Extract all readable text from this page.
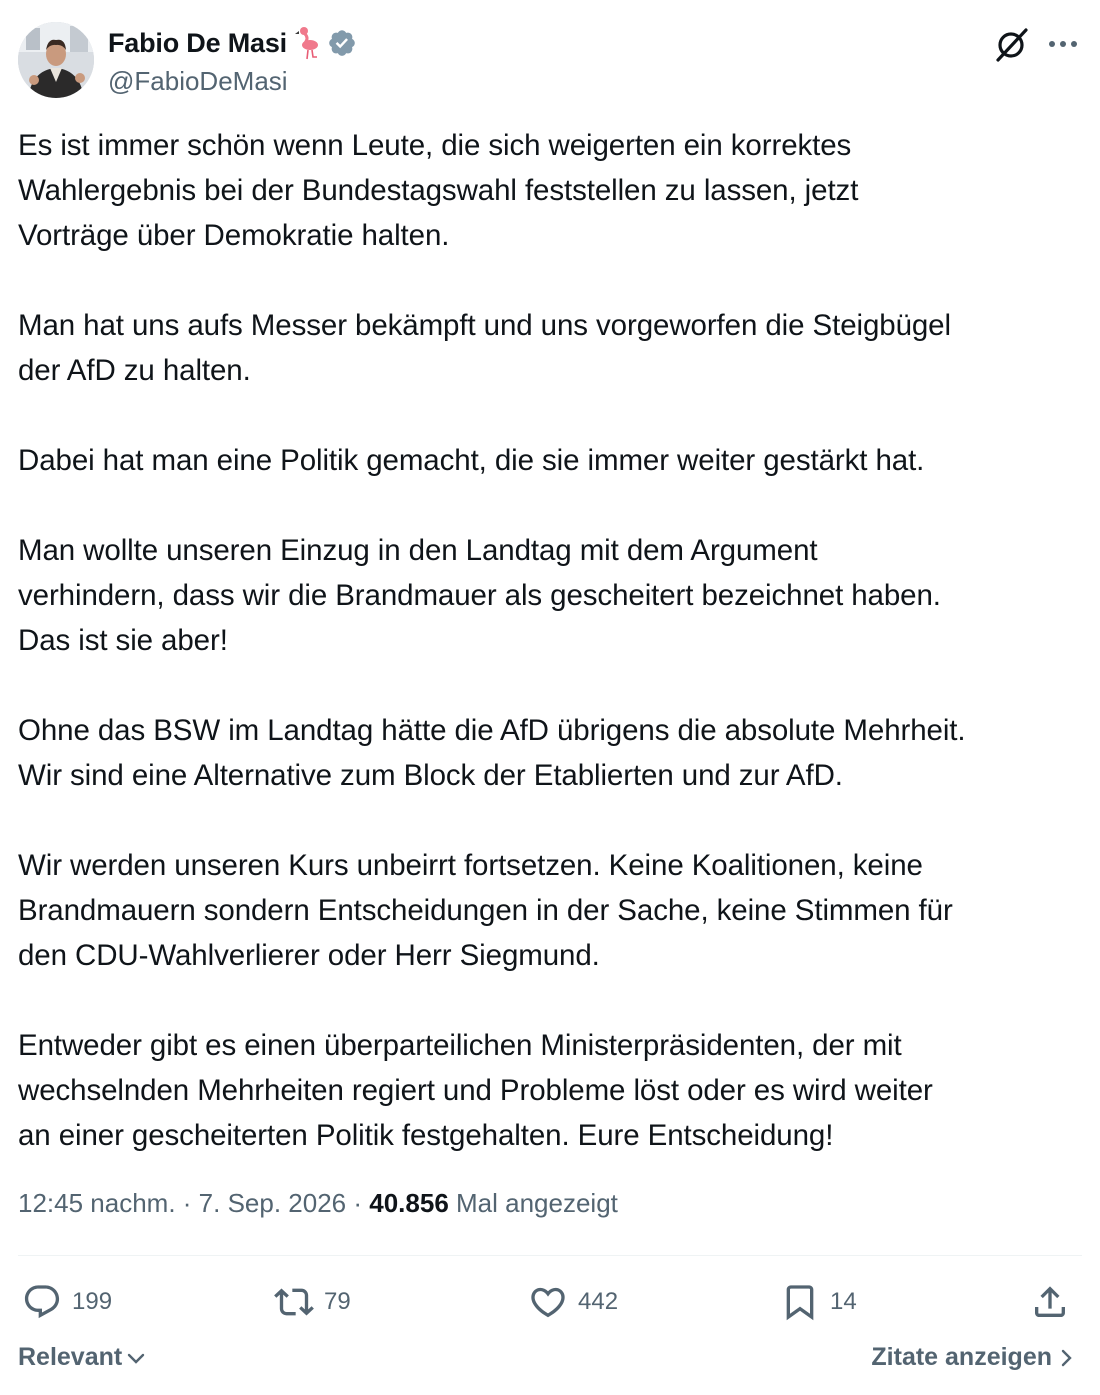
Fabio De Masi
@FabioDeMasi
Es ist immer schön wenn Leute, die sich weigerten ein korrektes
Wahlergebnis bei der Bundestagswahl feststellen zu lassen, jetzt
Vorträge über Demokratie halten.

Man hat uns aufs Messer bekämpft und uns vorgeworfen die Steigbügel
der AfD zu halten.

Dabei hat man eine Politik gemacht, die sie immer weiter gestärkt hat.

Man wollte unseren Einzug in den Landtag mit dem Argument
verhindern, dass wir die Brandmauer als gescheitert bezeichnet haben.
Das ist sie aber!

Ohne das BSW im Landtag hätte die AfD übrigens die absolute Mehrheit.
Wir sind eine Alternative zum Block der Etablierten und zur AfD.

Wir werden unseren Kurs unbeirrt fortsetzen. Keine Koalitionen, keine
Brandmauern sondern Entscheidungen in der Sache, keine Stimmen für
den CDU-Wahlverlierer oder Herr Siegmund.

Entweder gibt es einen überparteilichen Ministerpräsidenten, der mit
wechselnden Mehrheiten regiert und Probleme löst oder es wird weiter
an einer gescheiterten Politik festgehalten. Eure Entscheidung!
12:45 nachm. · 7. Sep. 2026 · 40.856 Mal angezeigt
199	79	442	14
Relevant	Zitate anzeigen
